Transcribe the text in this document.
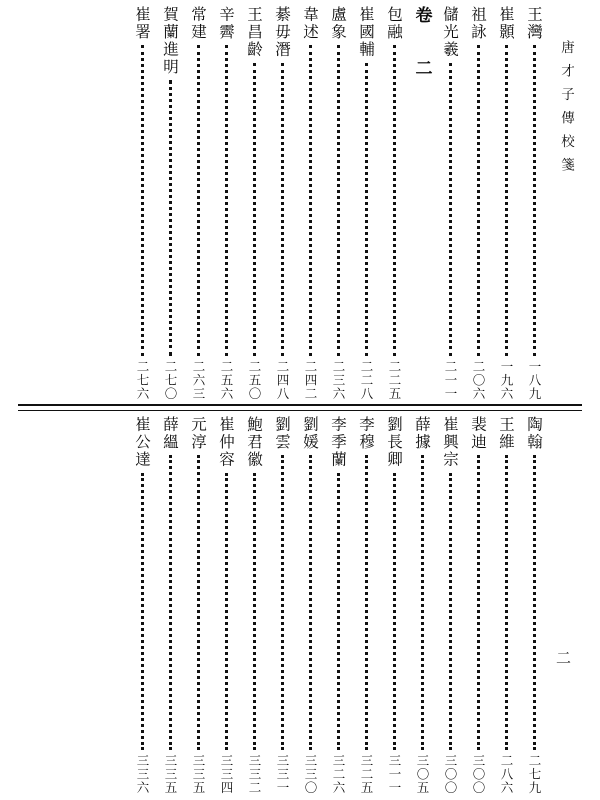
唐才子傳校箋
二
王灣
一八九
崔顥
一九六
祖詠
二〇六
儲光羲
二一一
卷 二
包融
二二五
崔國輔
二二八
盧象
二三六
韋述
二四二
綦毋潛
二四八
王昌齡
二五〇
辛霽
二五六
常建
二六三
賀蘭進明
二七〇
崔署
二七六
陶翰
二七九
王維
二八六
裴迪
三〇〇
崔興宗
三〇〇
薛據
三〇五
劉長卿
三一一
李穆
三二五
李季蘭
三二六
劉媛
三三〇
劉雲
三三一
鮑君徽
三三二
崔仲容
三三四
元淳
三三五
薛縕
三三五
崔公達
三三六
